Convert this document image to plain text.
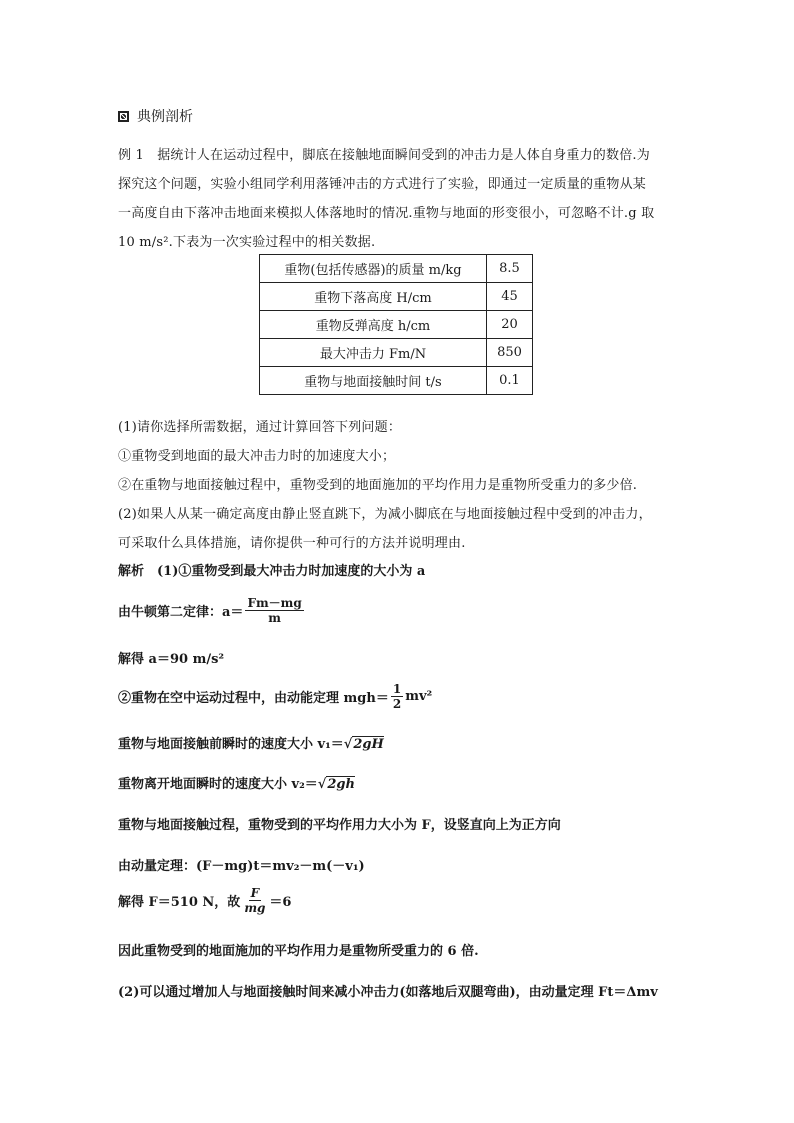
典例剖析
例 1　据统计人在运动过程中，脚底在接触地面瞬间受到的冲击力是人体自身重力的数倍.为
探究这个问题，实验小组同学利用落锤冲击的方式进行了实验，即通过一定质量的重物从某
一高度自由下落冲击地面来模拟人体落地时的情况.重物与地面的形变很小，可忽略不计.g 取
10 m/s².下表为一次实验过程中的相关数据.
重物(包括传感器)的质量 m/kg	8.5
重物下落高度 H/cm	45
重物反弹高度 h/cm	20
最大冲击力 Fm/N	850
重物与地面接触时间 t/s	0.1
(1)请你选择所需数据，通过计算回答下列问题：
①重物受到地面的最大冲击力时的加速度大小；
②在重物与地面接触过程中，重物受到的地面施加的平均作用力是重物所受重力的多少倍.
(2)如果人从某一确定高度由静止竖直跳下，为减小脚底在与地面接触过程中受到的冲击力，
可采取什么具体措施，请你提供一种可行的方法并说明理由.
解析　(1)①重物受到最大冲击力时加速度的大小为 a
由牛顿第二定律：$a= \frac{Fm-mg}{m}$
解得 a＝90 m/s²
②重物在空中运动过程中，由动能定理 $mgh= \frac{1}{2} mv^2$
重物与地面接触前瞬时的速度大小 v₁＝√2gH
重物离开地面瞬时的速度大小 v₂＝√2gh
重物与地面接触过程，重物受到的平均作用力大小为 F，设竖直向上为正方向
由动量定理：(F－mg)t＝mv₂－m(－v₁)
解得 F＝510 N，故 $\frac{F}{mg} =6$
因此重物受到的地面施加的平均作用力是重物所受重力的 6 倍.
(2)可以通过增加人与地面接触时间来减小冲击力(如落地后双腿弯曲)，由动量定理 Ft＝Δmv
